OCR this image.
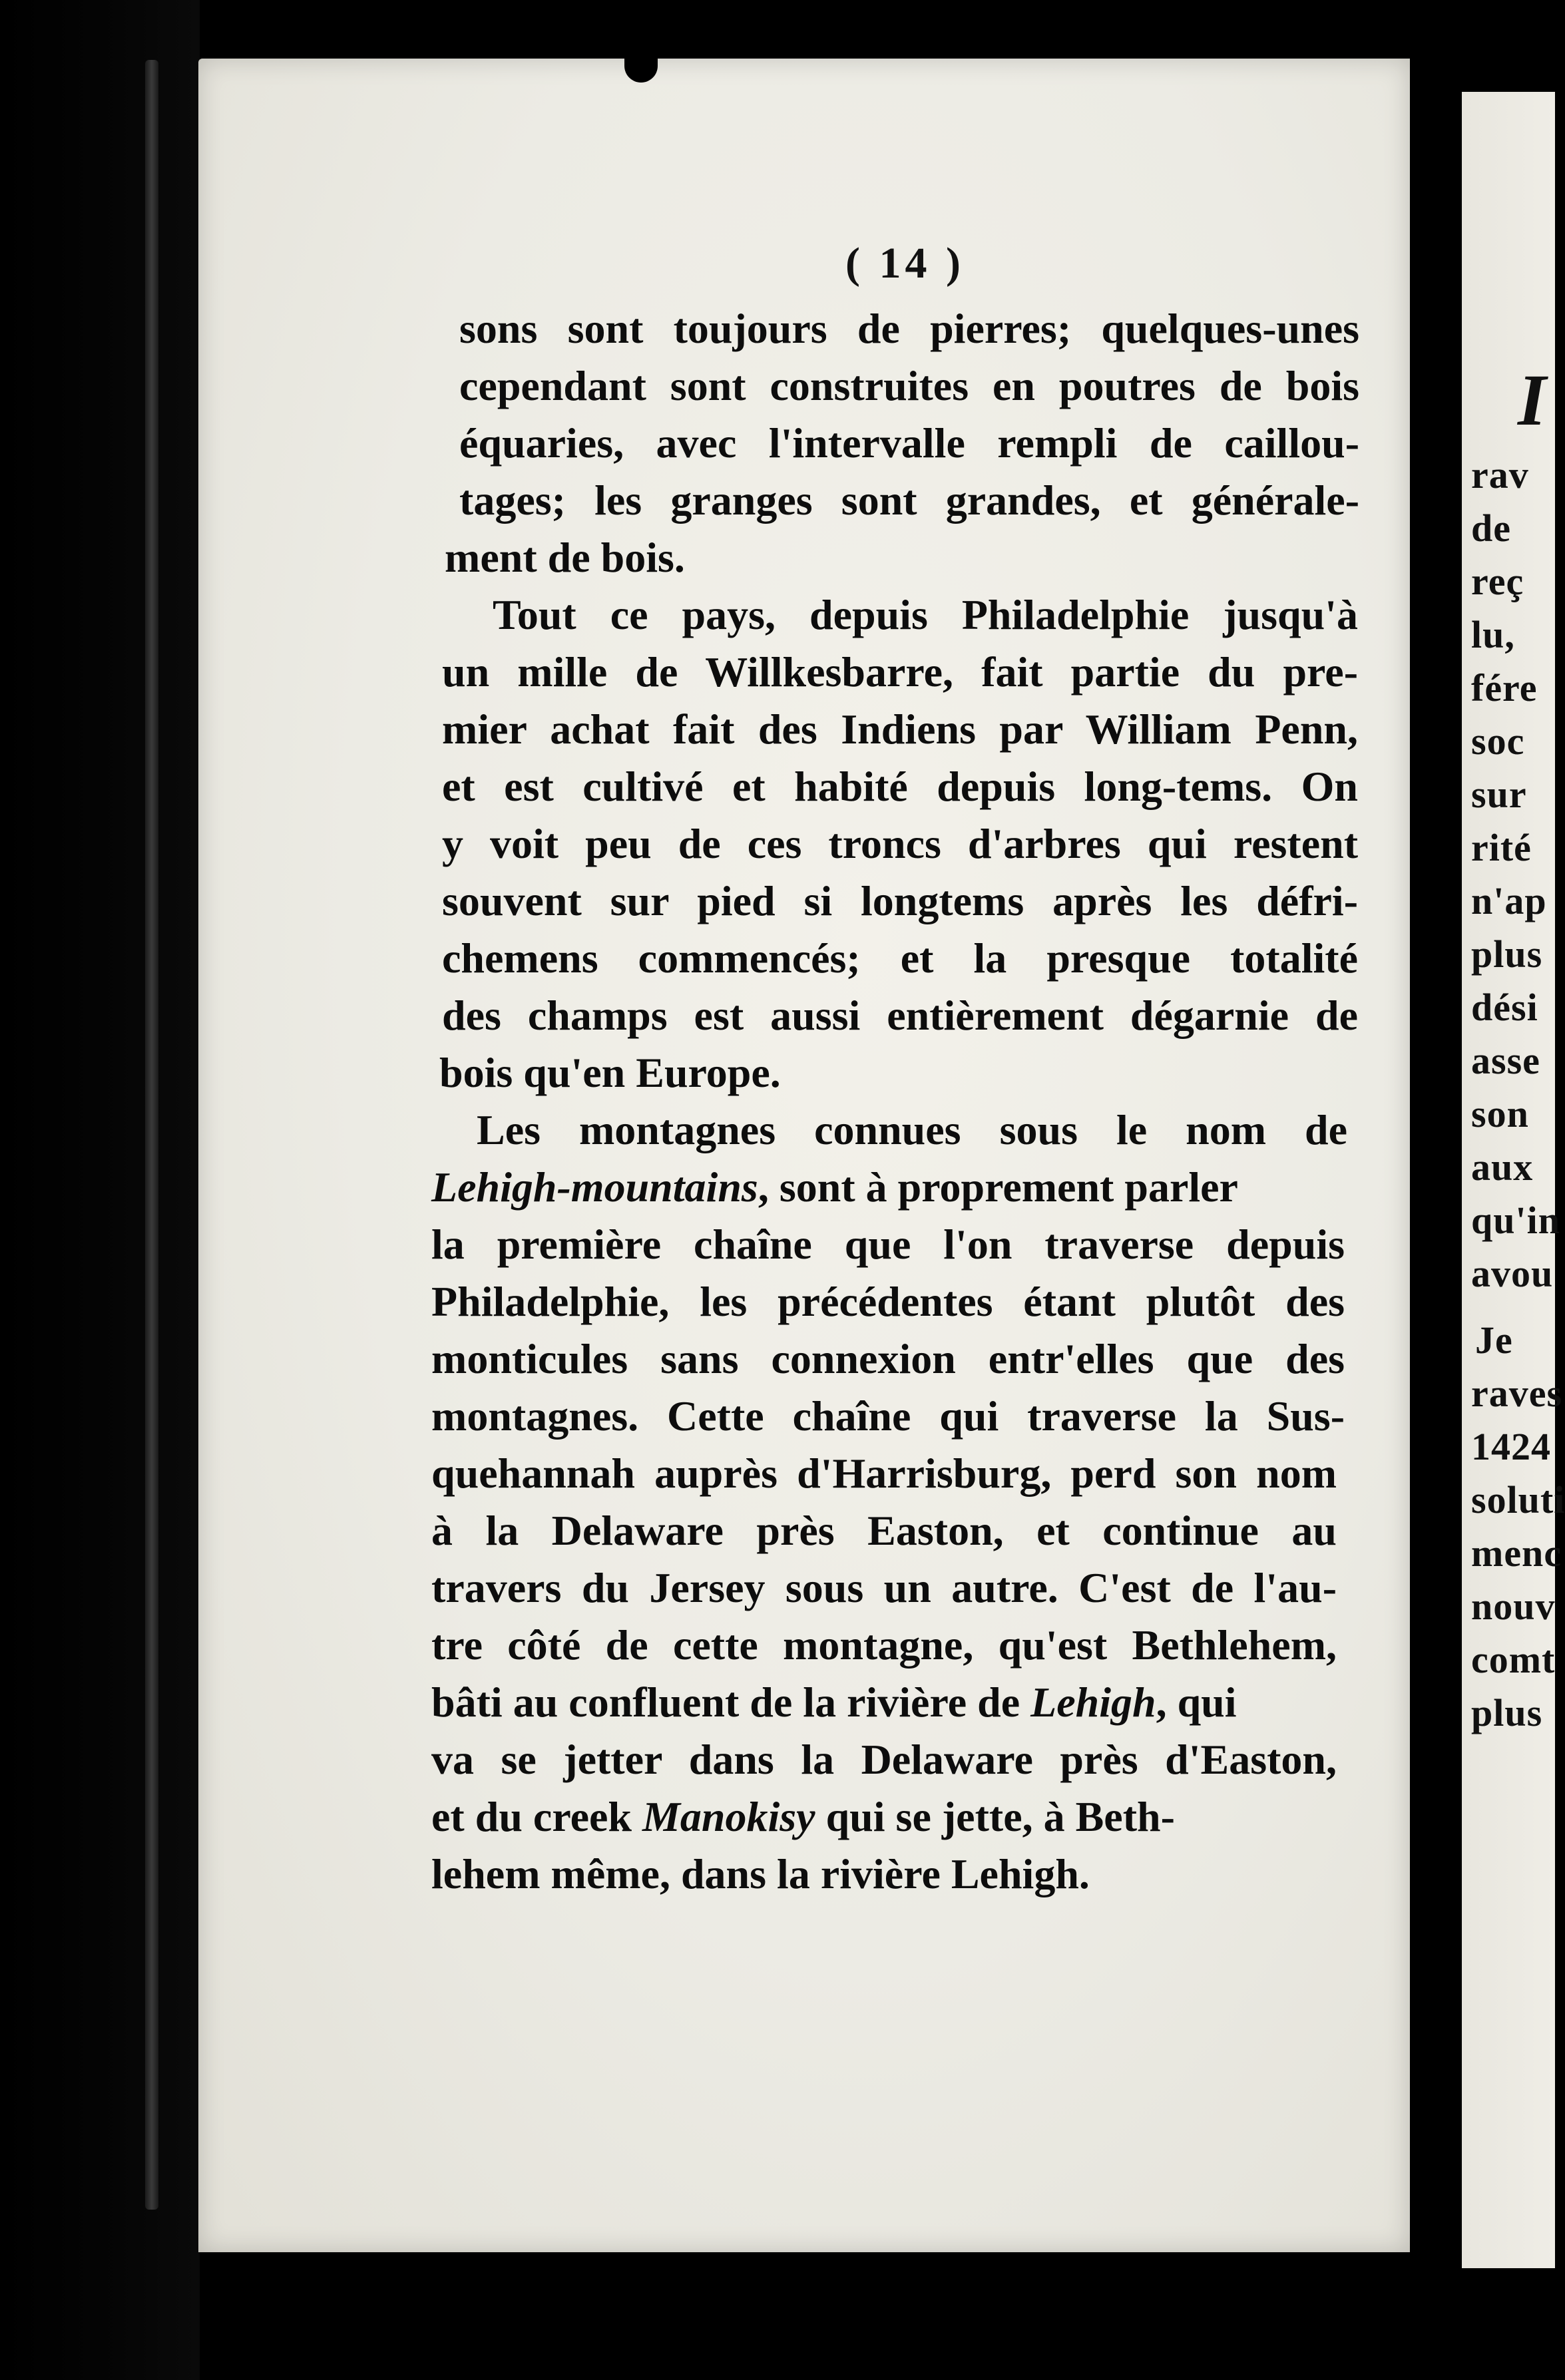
I
rav
de
reç
lu,
fére
soc
sur
rité
n'ap
plus
dési
asse
son
aux
qu'in
avou
Je
raves
1424
soluti
menc
nouv
comt
plus
( 14 )
sons sont toujours de pierres; quelques-unes
cependant sont construites en poutres de bois
équaries, avec l'intervalle rempli de caillou-
tages; les granges sont grandes, et générale-
ment de bois.
Tout ce pays, depuis Philadelphie jusqu'à
un mille de Willkesbarre, fait partie du pre-
mier achat fait des Indiens par William Penn,
et est cultivé et habité depuis long-tems. On
y voit peu de ces troncs d'arbres qui restent
souvent sur pied si longtems après les défri-
chemens commencés; et la presque totalité
des champs est aussi entièrement dégarnie de
bois qu'en Europe.
Les montagnes connues sous le nom de
Lehigh-mountains, sont à proprement parler
la première chaîne que l'on traverse depuis
Philadelphie, les précédentes étant plutôt des
monticules sans connexion entr'elles que des
montagnes. Cette chaîne qui traverse la Sus-
quehannah auprès d'Harrisburg, perd son nom
à la Delaware près Easton, et continue au
travers du Jersey sous un autre. C'est de l'au-
tre côté de cette montagne, qu'est Bethlehem,
bâti au confluent de la rivière de Lehigh, qui
va se jetter dans la Delaware près d'Easton,
et du creek Manokisy qui se jette, à Beth-
lehem même, dans la rivière Lehigh.
